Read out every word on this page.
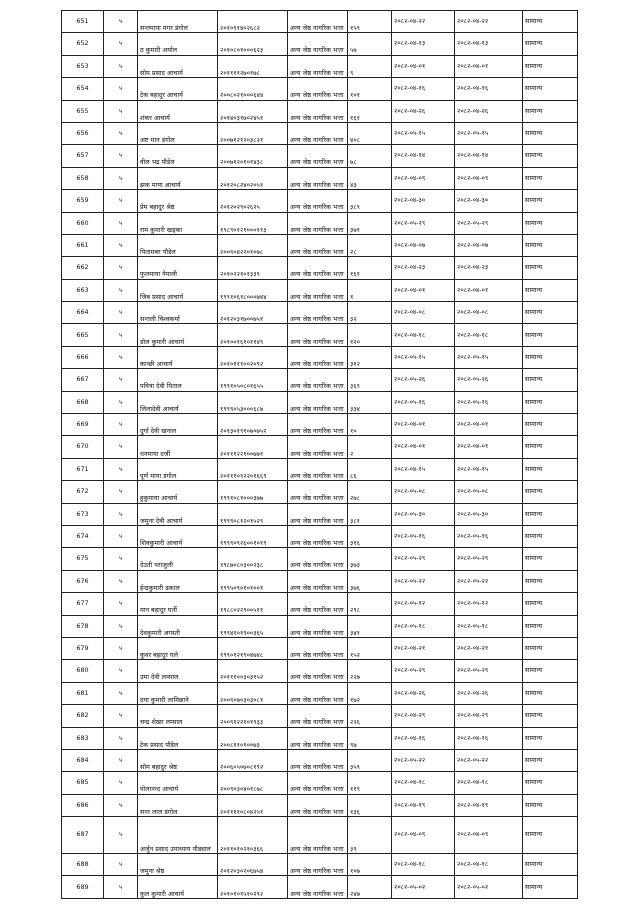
651	५	सन्तमाया मगर डंगोल	२०१०९१४०२६८२	अन्य जेष्ठ नागरिक भत्ता	१५९	२०८२-०४-२२	२०८२-०४-२२	सामान्य
652	५	ठ कुमारी अर्याल	२०१०८०१०००६२३	अन्य जेष्ठ नागरिक भत्ता	५७	२०८२-०४-१३	२०८२-०४-१३	सामान्य
653	५	सोम प्रसाद आचार्य	२०११११२७०१७८	अन्य जेष्ठ नागरिक भत्ता	९	२०८२-०४-०१	२०८२-०४-०१	सामान्य
654	५	टेक बहादुर आचार्य	२००८०२१०००६४४	अन्य जेष्ठ नागरिक भत्ता	१०१	२०८२-०४-१६	२०८२-०४-१६	सामान्य
655	५	शंकर आचार्य	२०१४०३१७०२४५१	अन्य जेष्ठ नागरिक भत्ता	१६१	२०८२-०४-२६	२०८२-०४-२६	सामान्य
656	५	अष्ट मान डंगोल	२००७१२१२०३८२१	अन्य जेष्ठ नागरिक भत्ता	४०८	२०८२-०५-१५	२०८२-०५-१५	सामान्य
657	५	वील भद्र पौडेल	२००७१२०१०१४३८	अन्य जेष्ठ नागरिक भत्ता	७८	२०८२-०४-१४	२०८२-०४-१४	सामान्य
658	५	झक माया आचार्य	२०१२०८२४०२०५१	अन्य जेष्ठ नागरिक भत्ता	४३	२०८२-०४-०९	२०८२-०४-०९	सामान्य
659	५	प्रेम बहादुर श्रेष्ठ	२०१२०२९०२६२५	अन्य जेष्ठ नागरिक भत्ता	३८९	२०८२-०४-३०	२०८२-०४-३०	सामान्य
660	५	राम कुमारी खड्का	१९८९०१२१०००११३	अन्य जेष्ठ नागरिक भत्ता	३७१	२०८२-०५-२९	२०८२-०५-२९	सामान्य
661	५	पितामबर पौडेल	२००९०४२२०१०७८	अन्य जेष्ठ नागरिक भत्ता	२८	२०८२-०४-०७	२०८२-०४-०७	सामान्य
662	५	फुलमाया नेपाली	२०१०२२१०१३३९	अन्य जेष्ठ नागरिक भत्ता	१६१	२०८२-०४-२३	२०८२-०४-२३	सामान्य
663	५	जिब प्रसाद आचार्य	१९९१०६१८०००७४४	अन्य जेष्ठ नागरिक भत्ता	१	२०८२-०४-०१	२०८२-०४-०१	सामान्य
664	५	सन्तली विश्वकर्मा	२०१२०३१७००७५१	अन्य जेष्ठ नागरिक भत्ता	३२	२०८२-०४-०८	२०८२-०४-०८	सामान्य
665	५	डोल कुमारी आचार्य	२०१००१६१०११४९	अन्य जेष्ठ नागरिक भत्ता	१२०	२०८२-०४-१८	२०८२-०४-१८	सामान्य
666	५	कान्छी आचार्य	२०१०१११००२०९२	अन्य जेष्ठ नागरिक भत्ता	३१२	२०८२-०५-१५	२०८२-०५-१५	सामान्य
667	५	पवित्रा देवी घिताल	१९९१०५०८०१६५५	अन्य जेष्ठ नागरिक भत्ता	३६९	२०८२-०५-२६	२०८२-०५-२६	सामान्य
668	५	लिलादेवी आचार्य	१९९९०५३०००६८७	अन्य जेष्ठ नागरिक भत्ता	३३४	२०८२-०५-१६	२०८२-०५-१६	सामान्य
669	५	दुर्गा देवी खनाल	२०१३०१९१०७०७५२	अन्य जेष्ठ नागरिक भत्ता	१०	२०८२-०४-०१	२०८२-०४-०१	सामान्य
670	५	धनमाया दर्जी	२०१११२२१००७७१	अन्य जेष्ठ नागरिक भत्ता	२	२०८२-०४-०१	२०८२-०४-०१	सामान्य
671	५	पूर्ण माया डंगोल	२०१११०९२२०१६६९	अन्य जेष्ठ नागरिक भत्ता	८६	२०८२-०४-१५	२०८२-०४-१५	सामान्य
672	५	हुकुमाया आचार्य	१९९१०८१०००३७७	अन्य जेष्ठ नागरिक भत्ता	२७८	२०८२-०५-०८	२०८२-०५-०८	सामान्य
673	५	जमुना देवी आचार्य	१९९९०८१२०१५२९	अन्य जेष्ठ नागरिक भत्ता	३८१	२०८२-०५-३०	२०८२-०५-३०	सामान्य
674	५	शिवकुमारी आचार्य	१९९९०९२६००१०१९	अन्य जेष्ठ नागरिक भत्ता	३१६	२०८२-०५-१६	२०८२-०५-१६	सामान्य
675	५	देउती पराजुली	१९८७०८०३००२३८	अन्य जेष्ठ नागरिक भत्ता	३७३	२०८२-०५-२९	२०८२-०५-२९	सामान्य
676	५	ईन्द्रकुमारी ढकाल	१९९५०९०१०१००१	अन्य जेष्ठ नागरिक भत्ता	३७६	२०८२-०५-२२	२०८२-०५-२२	सामान्य
677	५	मान बहादुर घर्ती	१९८८०२२९००५११	अन्य जेष्ठ नागरिक भत्ता	२९८	२०८२-०५-१२	२०८२-०५-१२	सामान्य
678	५	देवकुमारी अगस्ती	१९९४१०१९००३६५	अन्य जेष्ठ नागरिक भत्ता	३४१	२०८२-०५-१८	२०८२-०५-१८	सामान्य
679	५	कुवर बहादुर घले	१९९०१२१९०४७४८	अन्य जेष्ठ नागरिक भत्ता	१५२	२०८२-०४-२१	२०८२-०४-२१	सामान्य
680	५	उमा देवी लम्साल	२०१११००३०३१५२	अन्य जेष्ठ नागरिक भत्ता	२२७	२०८२-०५-२९	२०८२-०५-२९	सामान्य
681	५	दया कुमारी लामिछाने	२००९०७०३०३०८१	अन्य जेष्ठ नागरिक भत्ता	१७२	२०८२-०४-२६	२०८२-०४-२६	सामान्य
682	५	चन्द्र शेखर लम्साल	२००९१२२१०१९३३	अन्य जेष्ठ नागरिक भत्ता	२२६	२०८२-०४-२९	२०८२-०४-२९	सामान्य
683	५	टेक प्रसाद पौडेल	२००८११०१००७३	अन्य जेष्ठ नागरिक भत्ता	९७	२०८२-०४-१६	२०८२-०४-१६	सामान्य
684	५	सोम बहादुर श्रेष्ठ	२००६०५०७०८१९२	अन्य जेष्ठ नागरिक भत्ता	३५९	२०८२-०५-२२	२०८२-०५-२२	सामान्य
685	५	पोलानन्द आचार्य	२००९०३०४०१८७८	अन्य जेष्ठ नागरिक भत्ता	११९	२०८२-०४-१८	२०८२-०४-१८	सामान्य
686	५	सन्त लाल डंगोल	२०११११०८०४२५१	अन्य जेष्ठ नागरिक भत्ता	१३६	२०८२-०४-१९	२०८२-०४-१९	सामान्य
687	५	अर्जुन प्रसाद उपाध्याय पौड्याल	२०११०१०२१०३६६	अन्य जेष्ठ नागरिक भत्ता	३९	२०८२-०४-०९	२०८२-०४-०९	सामान्य
688	५	जमुना श्रेष्ठ	२०१२०३०२०६७५४	अन्य जेष्ठ नागरिक भत्ता	१०७	२०८२-०४-१८	२०८२-०४-१८	सामान्य
689	५	कुल कुमारी आचार्य	२०१०१०१५१०२९२	अन्य जेष्ठ नागरिक भत्ता	२४७	२०८२-०५-०२	२०८२-०५-०२	सामान्य
